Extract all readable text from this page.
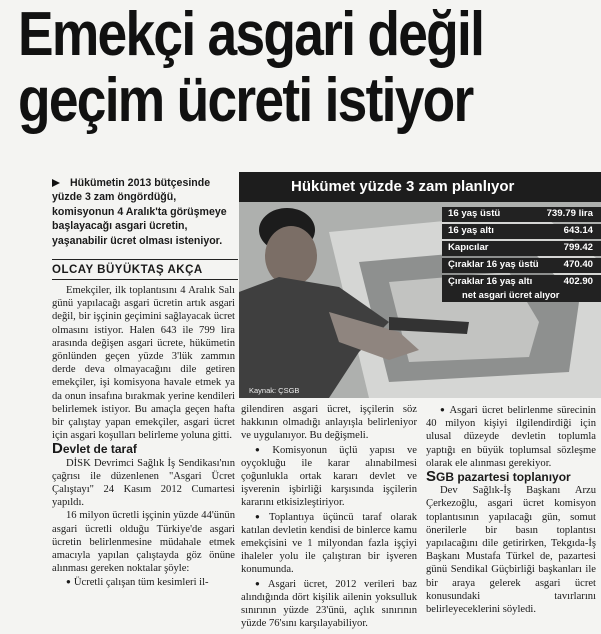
Emekçi asgari değil
geçim ücreti istiyor
Hükümetin 2013 bütçesinde yüzde 3 zam öngördüğü, komisyonun 4 Aralık'ta görüşmeye başlayacağı asgari ücretin, yaşanabilir ücret olması isteniyor.
OLCAY BÜYÜKTAŞ AKÇA

Emekçiler, ilk toplantısını 4 Aralık Salı günü yapılacağı asgari ücretin artık asgari değil, bir işçinin geçimini sağlayacak ücret olmasını istiyor. Halen 643 ile 799 lira arasında değişen asgari ücrete, hükümetin gönlünden geçen yüzde 3'lük zammın derde deva olmayacağını dile getiren emekçiler, işi komisyona havale etmek ya da onun insafına bırakmak yerine kendileri belirlemek istiyor. Bu amaçla geçen hafta bir çalıştay yapan emekçiler, asgari ücret için asgari koşulları belirleme yoluna gitti.

Devlet de taraf

DİSK Devrimci Sağlık İş Sendikası'nın çağrısı ile düzenlenen "Asgari Ücret Çalıştayı" 24 Kasım 2012 Cumartesi yapıldı.

16 milyon ücretli işçinin yüzde 44'ünün asgari ücretli olduğu Türkiye'de asgari ücretin belirlenmesine müdahale etmek amacıyla yapılan çalıştayda göz önüne alınması gereken noktalar şöyle:

● Ücretli çalışan tüm kesimleri il-

Hükümet yüzde 3 zam planlıyor
16 yaş üstü	739.79 lira
16 yaş altı	643.14
Kapıcılar	799.42
Çıraklar 16 yaş üstü	470.40
Çıraklar 16 yaş altı	402.90
net asgari ücret alıyor
Kaynak: ÇSGB

gilendiren asgari ücret, işçilerin söz hakkının olmadığı anlayışla belirleniyor ve uygulanıyor. Bu değişmeli.

● Komisyonun üçlü yapısı ve oyçokluğu ile karar alınabilmesi çoğunlukla ortak kararı devlet ve işverenin işbirliği karşısında işçilerin kararını etkisizleştiriyor.

● Toplantıya üçüncü taraf olarak katılan devletin kendisi de binlerce kamu emekçisini ve 1 milyondan fazla işçiyi ihaleler yolu ile çalıştıran bir işveren konumunda.

● Asgari ücret, 2012 verileri baz alındığında dört kişilik ailenin yoksulluk sınırının yüzde 23'ünü, açlık sınırının yüzde 76'sını karşılayabiliyor.

● Asgari ücret belirlenme sürecinin 40 milyon kişiyi ilgilendirdiği için ulusal düzeyde devletin toplumla yaptığı en büyük toplumsal sözleşme olarak ele alınması gerekiyor.

SGB pazartesi toplanıyor

Dev Sağlık-İş Başkanı Arzu Çerkezoğlu, asgari ücret komisyon toplantısının yapılacağı gün, somut önerilerle bir basın toplantısı yapılacağını dile getirirken, Tekgıda-İş Başkanı Mustafa Türkel de, pazartesi günü Sendikal Güçbirliği başkanları ile bir araya gelerek asgari ücret konusundaki tavırlarını belirleyeceklerini söyledi.
